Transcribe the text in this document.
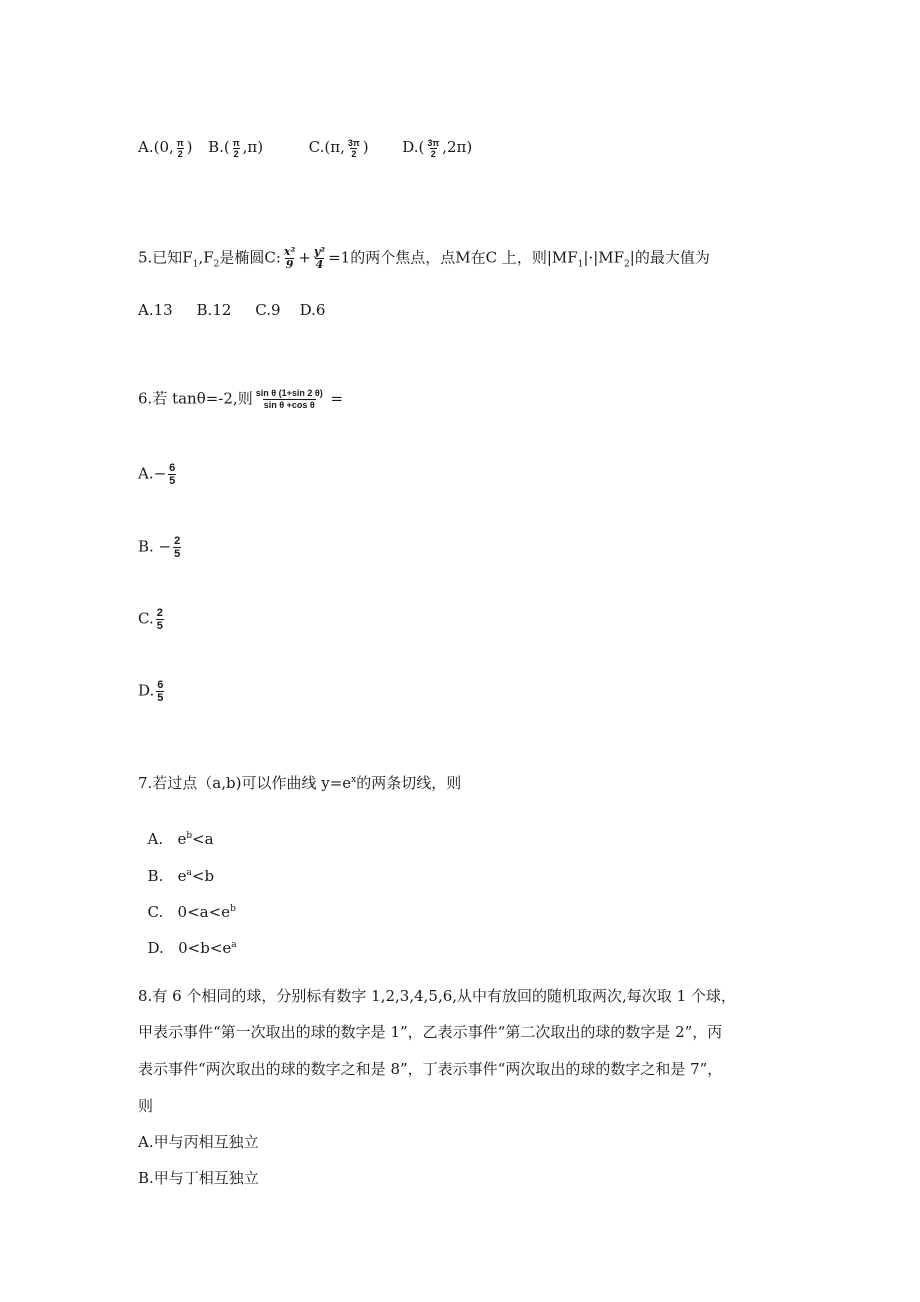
A.(0, $\frac{\pi}{2}$ ) $B.( \frac{\pi}{2} ,\pi)$	C.(π, $\frac{3\pi}{2}$ ) $D.( \frac{3\pi}{2} ,2\pi)$
5.已知$F_1,F_2$是椭圆C: $\frac{\text{x²}}{9} + \frac{\text{y²}}{4} =1$的两个焦点，点M在C 上，则$|MF_1|\cdot|MF_2|$的最大值为
A.13     B.12     C.9    D.6
6.若 tanθ=-2,则 $\frac{\text{sin θ (1+sin 2 θ)}}{\text{sin θ +cos θ}}$ =
$A.- \frac{6}{5}$
B. − $\frac{2}{5}$
C. $\frac{2}{5}$
D. $\frac{6}{5}$
7.若过点（a,b)可以作曲线 $y=e^x$的两条切线，则

A.   $e^b<a$

B.   $e^a<b$

C.   $0<a<e^b$

D.   $0<b<e^a$

8.有 6 个相同的球，分别标有数字 1,2,3,4,5,6,从中有放回的随机取两次,每次取 1 个球，
甲表示事件“第一次取出的球的数字是 1”，乙表示事件“第二次取出的球的数字是 2”，丙
表示事件“两次取出的球的数字之和是 8”，丁表示事件“两次取出的球的数字之和是 7”，
则
A.甲与丙相互独立
B.甲与丁相互独立
